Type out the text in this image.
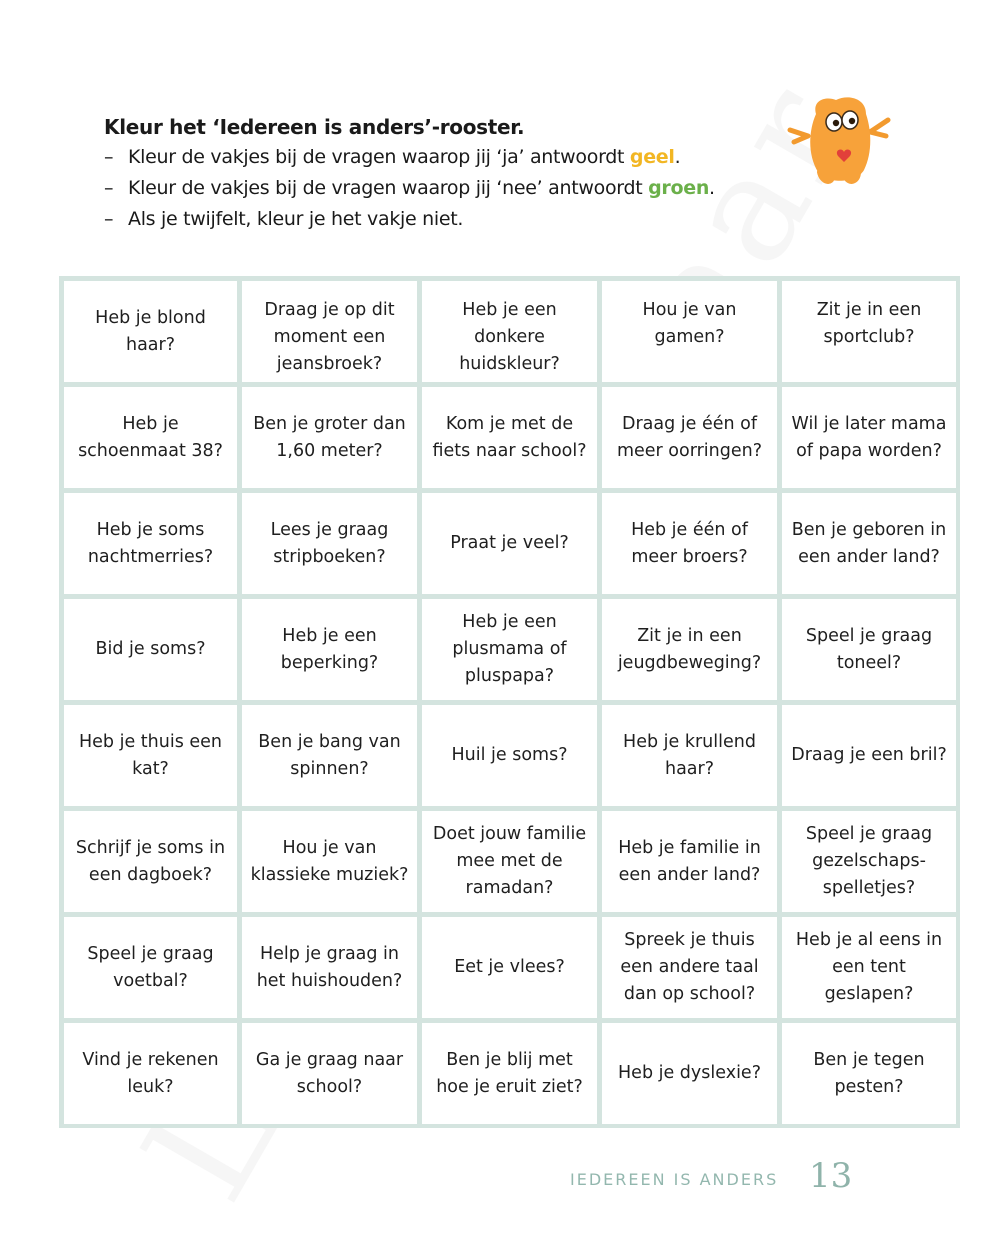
Kleur het ‘Iedereen is anders’-rooster.

– Kleur de vakjes bij de vragen waarop jij ‘ja’ antwoordt geel.

– Kleur de vakjes bij de vragen waarop jij ‘nee’ antwoordt groen.

– Als je twijfelt, kleur je het vakje niet.

Heb je blond haar?
Draag je op dit moment een jeansbroek?
Heb je een donkere huidskleur?
Hou je van gamen?
Zit je in een sportclub?
Heb je schoenmaat 38?
Ben je groter dan 1,60 meter?
Kom je met de fiets naar school?
Draag je één of meer oorringen?
Wil je later mama of papa worden?
Heb je soms nachtmerries?
Lees je graag stripboeken?
Praat je veel?
Heb je één of meer broers?
Ben je geboren in een ander land?
Bid je soms?
Heb je een beperking?
Heb je een plusmama of pluspapa?
Zit je in een jeugdbeweging?
Speel je graag toneel?
Heb je thuis een kat?
Ben je bang van spinnen?
Huil je soms?
Heb je krullend haar?
Draag je een bril?
Schrijf je soms in een dagboek?
Hou je van klassieke muziek?
Doet jouw familie mee met de ramadan?
Heb je familie in een ander land?
Speel je graag gezelschaps-spelletjes?
Speel je graag voetbal?
Help je graag in het huishouden?
Eet je vlees?
Spreek je thuis een andere taal dan op school?
Heb je al eens in een tent geslapen?
Vind je rekenen leuk?
Ga je graag naar school?
Ben je blij met hoe je eruit ziet?
Heb je dyslexie?
Ben je tegen pesten?
IEDEREEN IS ANDERS 13
